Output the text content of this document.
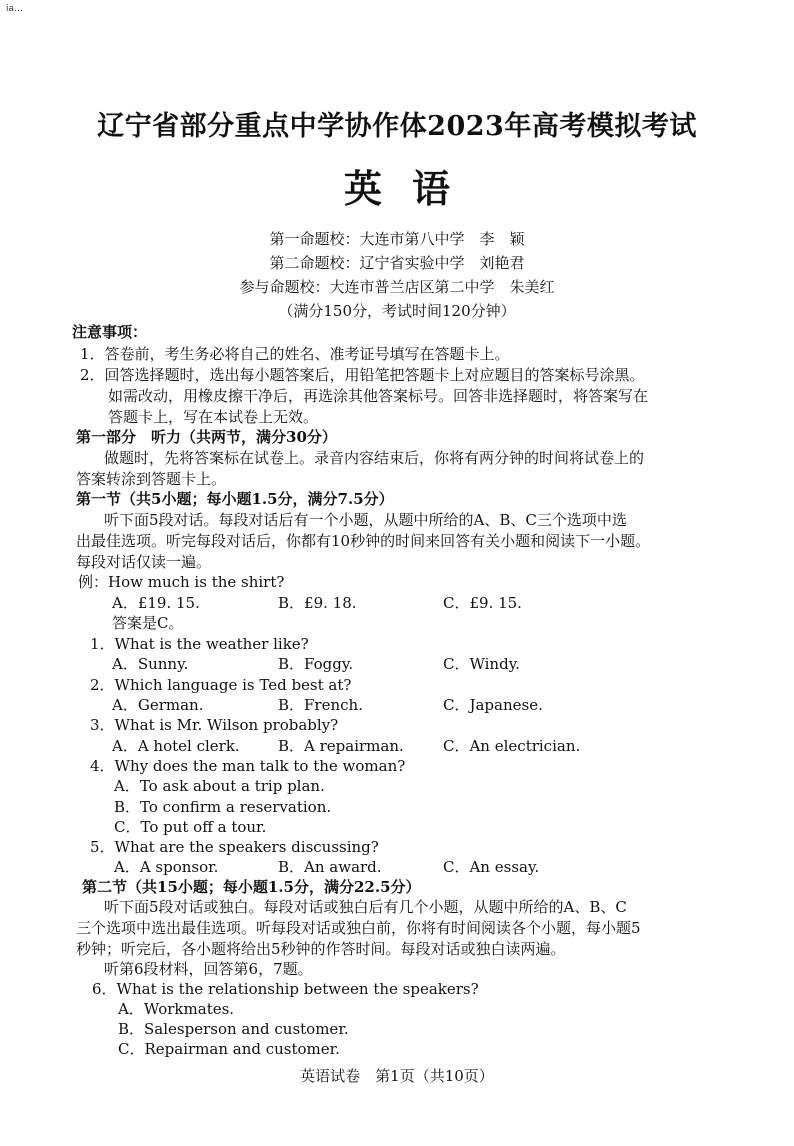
ia…
辽宁省部分重点中学协作体2023年高考模拟考试
英语
第一命题校：大连市第八中学　李　颖
第二命题校：辽宁省实验中学　刘艳君
参与命题校：大连市普兰店区第二中学　朱美红
（满分150分，考试时间120分钟）
注意事项：
1．答卷前，考生务必将自己的姓名、准考证号填写在答题卡上。
2．回答选择题时，选出每小题答案后，用铅笔把答题卡上对应题目的答案标号涂黑。
如需改动，用橡皮擦干净后，再选涂其他答案标号。回答非选择题时，将答案写在
答题卡上，写在本试卷上无效。
第一部分　听力（共两节，满分30分）
做题时，先将答案标在试卷上。录音内容结束后，你将有两分钟的时间将试卷上的
答案转涂到答题卡上。
第一节（共5小题；每小题1.5分，满分7.5分）
听下面5段对话。每段对话后有一个小题，从题中所给的A、B、C三个选项中选
出最佳选项。听完每段对话后，你都有10秒钟的时间来回答有关小题和阅读下一小题。
每段对话仅读一遍。
例：How much is the shirt?
A．£19. 15.	B．£9. 18.	C．£9. 15.
答案是C。
1．What is the weather like?
A．Sunny.	B．Foggy.	C．Windy.
2．Which language is Ted best at?
A．German.	B．French.	C．Japanese.
3．What is Mr. Wilson probably?
A．A hotel clerk.	B．A repairman.	C．An electrician.
4．Why does the man talk to the woman?
A．To ask about a trip plan.
B．To confirm a reservation.
C．To put off a tour.
5．What are the speakers discussing?
A．A sponsor.	B．An award.	C．An essay.
第二节（共15小题；每小题1.5分，满分22.5分）
听下面5段对话或独白。每段对话或独白后有几个小题，从题中所给的A、B、C
三个选项中选出最佳选项。听每段对话或独白前，你将有时间阅读各个小题，每小题5
秒钟；听完后，各小题将给出5秒钟的作答时间。每段对话或独白读两遍。
听第6段材料，回答第6，7题。
6．What is the relationship between the speakers?
A．Workmates.
B．Salesperson and customer.
C．Repairman and customer.
英语试卷　第1页（共10页）
